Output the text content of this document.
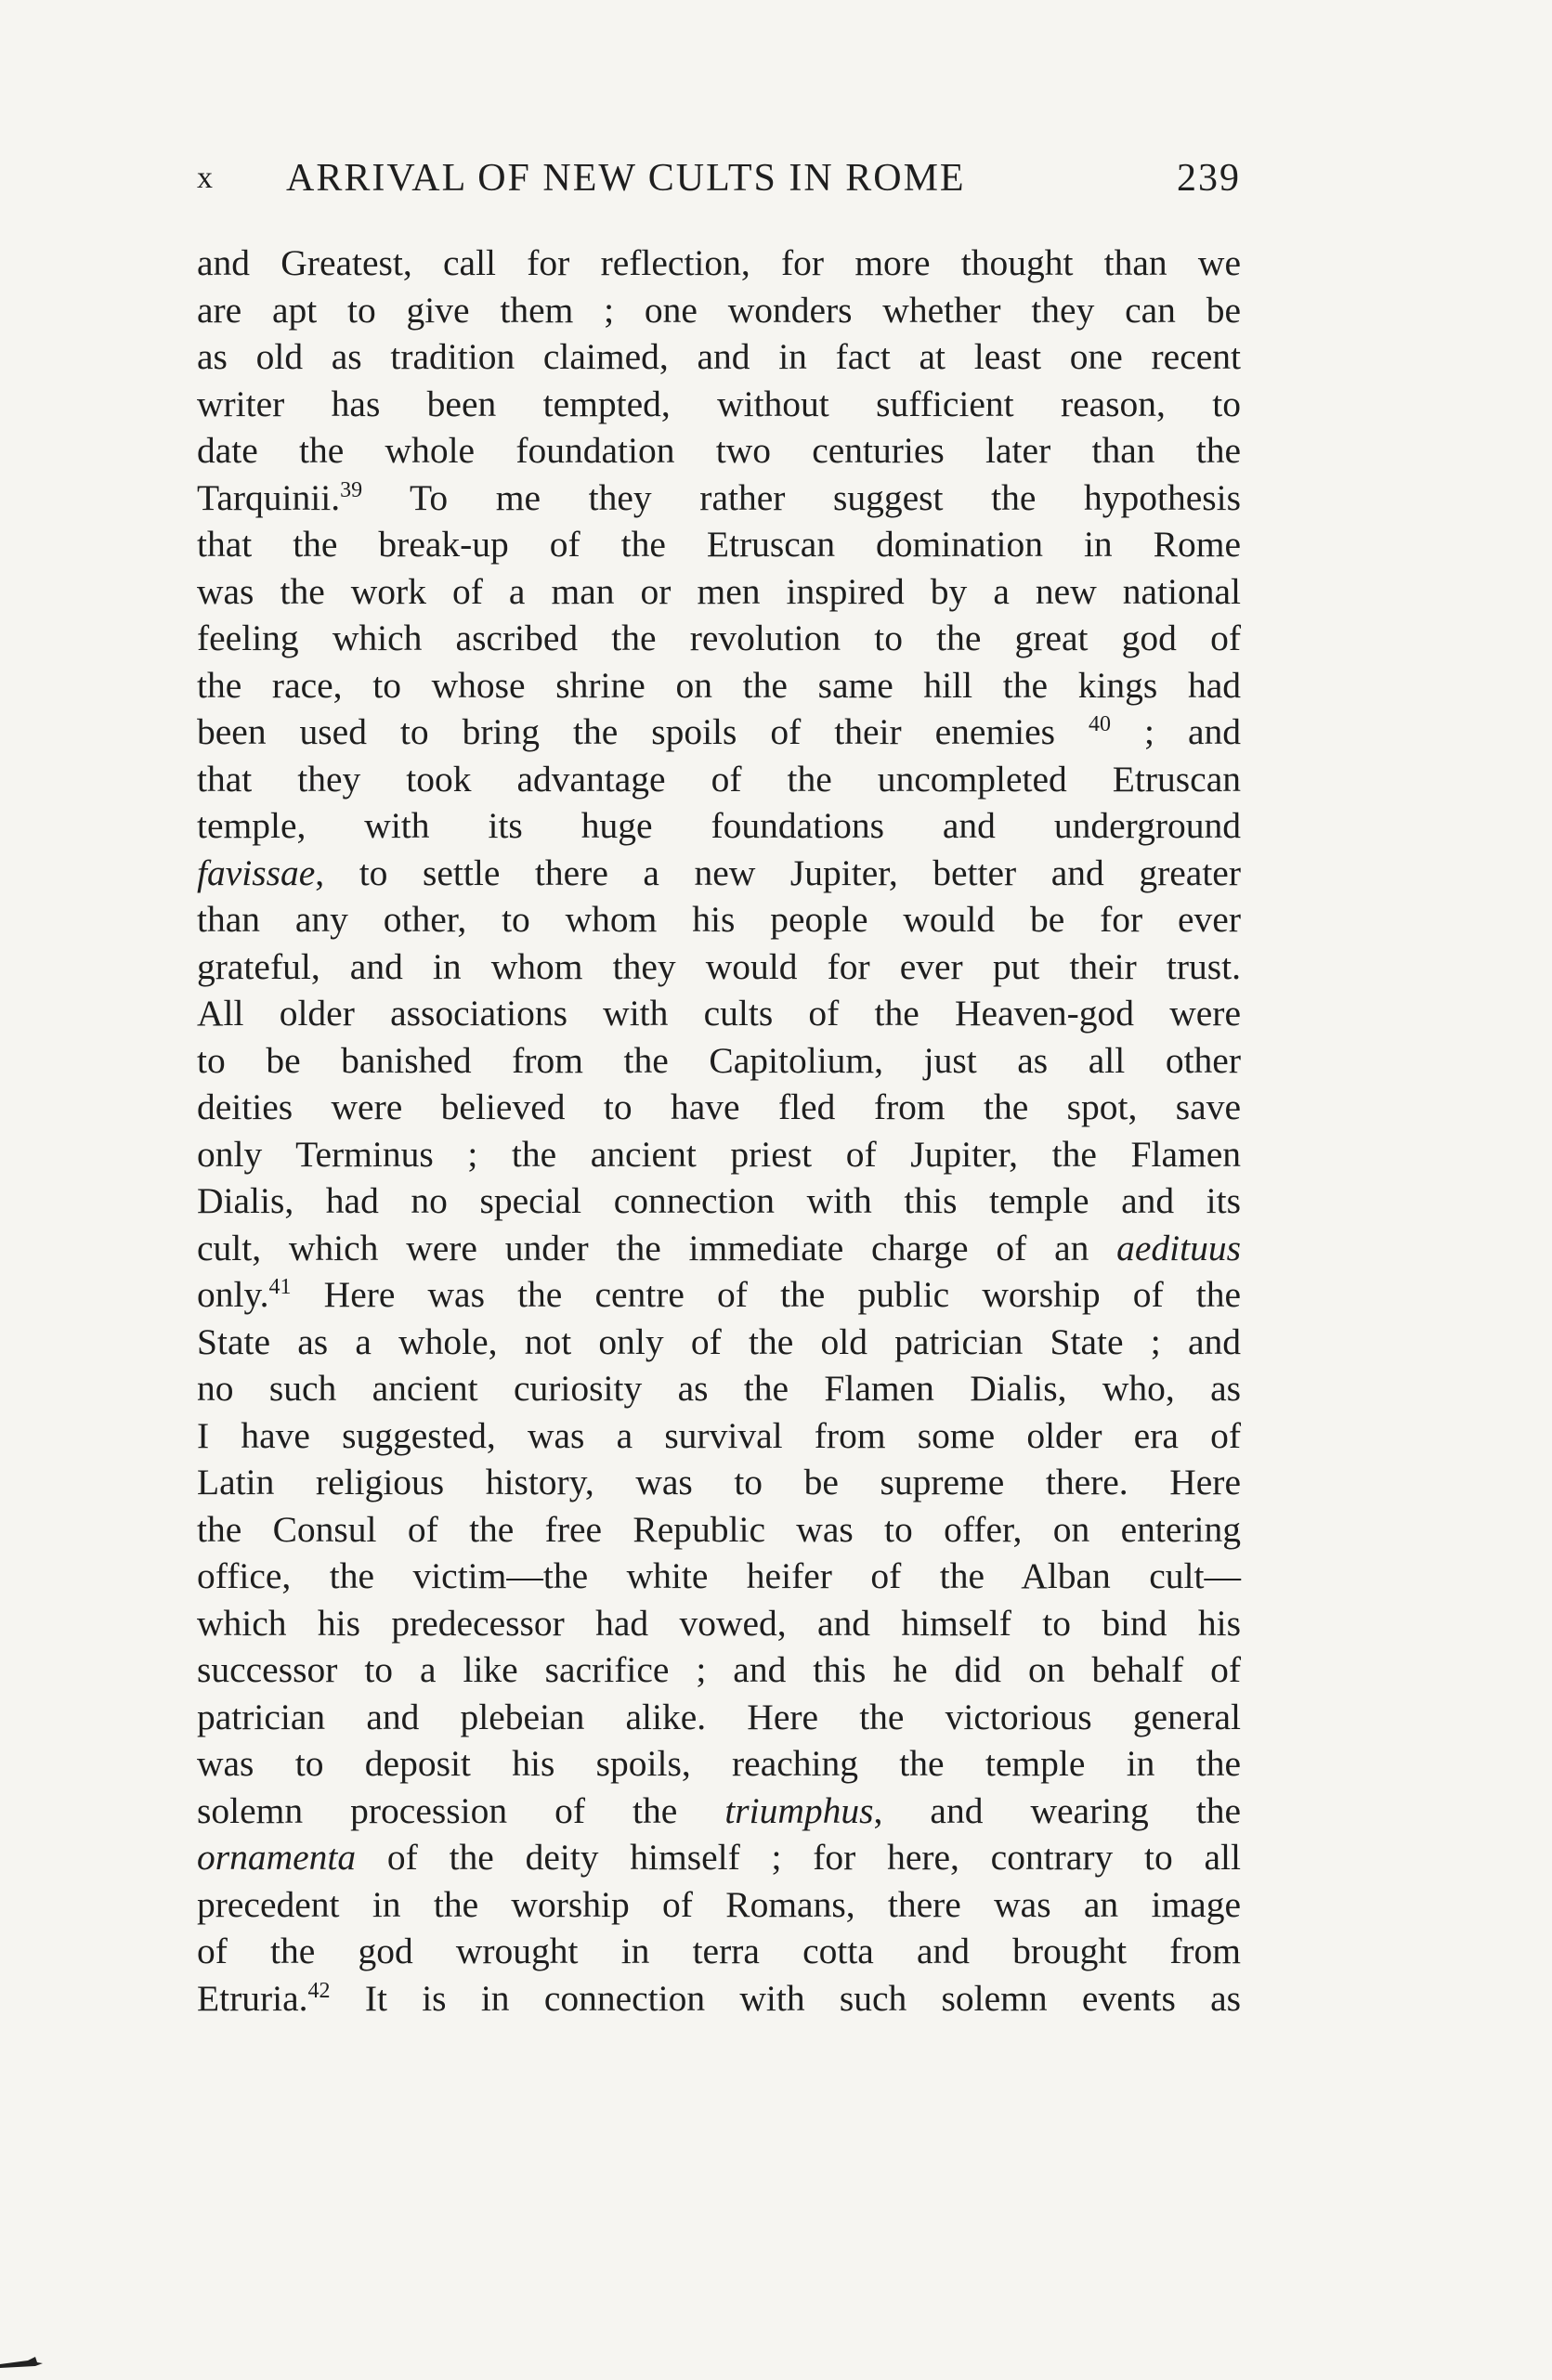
x ARRIVAL OF NEW CULTS IN ROME	239
and Greatest, call for reflection, for more thought than we
are apt to give them ; one wonders whether they can be
as old as tradition claimed, and in fact at least one recent
writer has been tempted, without sufficient reason, to
date the whole foundation two centuries later than the
Tarquinii.$^{39}$ To me they rather suggest the hypothesis
that the break-up of the Etruscan domination in Rome
was the work of a man or men inspired by a new national
feeling which ascribed the revolution to the great god of
the race, to whose shrine on the same hill the kings had
been used to bring the spoils of their enemies $^{40}$ ; and
that they took advantage of the uncompleted Etruscan
temple, with its huge foundations and underground
favissae, to settle there a new Jupiter, better and greater
than any other, to whom his people would be for ever
grateful, and in whom they would for ever put their trust.
All older associations with cults of the Heaven-god were
to be banished from the Capitolium, just as all other
deities were believed to have fled from the spot, save
only Terminus ; the ancient priest of Jupiter, the Flamen
Dialis, had no special connection with this temple and its
cult, which were under the immediate charge of an aedituus
only.$^{41}$ Here was the centre of the public worship of the
State as a whole, not only of the old patrician State ; and
no such ancient curiosity as the Flamen Dialis, who, as
I have suggested, was a survival from some older era of
Latin religious history, was to be supreme there. Here
the Consul of the free Republic was to offer, on entering
office, the victim—the white heifer of the Alban cult—
which his predecessor had vowed, and himself to bind his
successor to a like sacrifice ; and this he did on behalf of
patrician and plebeian alike. Here the victorious general
was to deposit his spoils, reaching the temple in the
solemn procession of the triumphus, and wearing the
ornamenta of the deity himself ; for here, contrary to all
precedent in the worship of Romans, there was an image
of the god wrought in terra cotta and brought from
Etruria.$^{42}$ It is in connection with such solemn events as
